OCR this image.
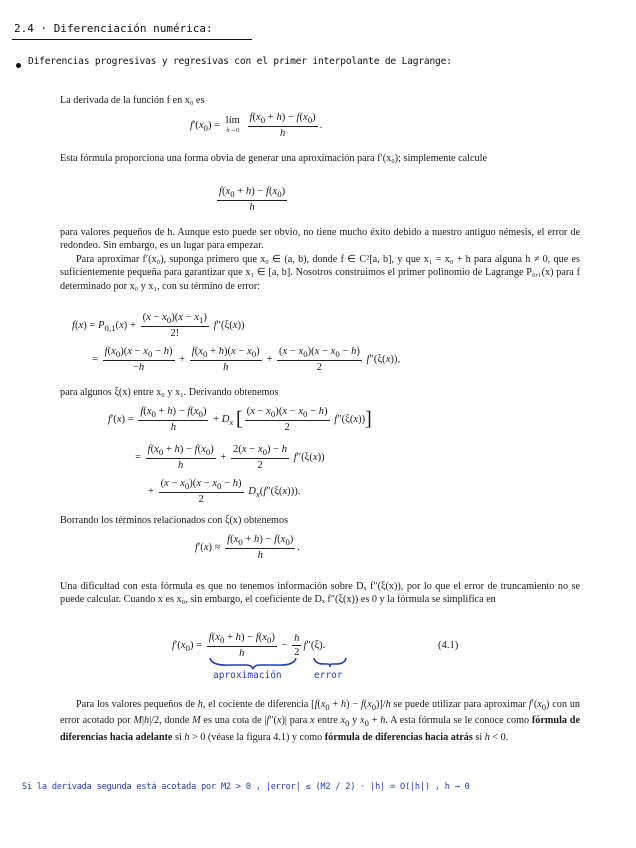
2.4 · Diferenciación numérica:
Diferencias progresivas y regresivas con el primer interpolante de Lagrange:
La derivada de la función f en x₀ es
$f'(x_0)$ = lím
h→0
$\frac{f(x_0 + h) - f(x_0)}{h}$ .
Esta fórmula proporciona una forma obvia de generar una aproximación para f′(x₀); simplemente calcule
$\frac{f(x_0 + h) - f(x_0)}{h}$
para valores pequeños de h. Aunque esto puede ser obvio, no tiene mucho éxito debido a nuestro antiguo némesis, el error de redondeo. Sin embargo, es un lugar para empezar.
Para aproximar f′(x₀), suponga primero que x₀ ∈ (a, b), donde f ∈ C²[a, b], y que x₁ = x₀ + h para alguna h ≠ 0, que es suficientemente pequeña para garantizar que x₁ ∈ [a, b]. Nosotros construimos el primer polinomio de Lagrange P₀,₁(x) para f determinado por x₀ y x₁, con su término de error:
$f(x) = P_{0,1}(x) + \frac{(x - x_0)(x - x_1)}{2!} f''(\xi(x))$
= $\frac{f(x_0)(x - x_0 - h)}{-h} + \frac{f(x_0 + h)(x - x_0)}{h} + \frac{(x - x_0)(x - x_0 - h)}{2} f''(\xi(x))$,
para algunos ξ(x) entre x₀ y x₁. Derivando obtenemos
$f'(x) = \frac{f(x_0 + h) - f(x_0)}{h} + D_x$ [ $\frac{(x - x_0)(x - x_0 - h)}{2} f''(\xi(x))$]
= $\frac{f(x_0 + h) - f(x_0)}{h} + \frac{2(x - x_0) - h}{2} f''(\xi(x))$
+ $\frac{(x - x_0)(x - x_0 - h)}{2} D_x(f''(\xi(x)))$.
Borrando los términos relacionados con ξ(x) obtenemos
$f'(x) \approx \frac{f(x_0 + h) - f(x_0)}{h}$ .
Una dificultad con esta fórmula es que no tenemos información sobre Dₓ f″(ξ(x)), por lo que el error de truncamiento no se puede calcular. Cuando x es x₀, sin embargo, el coeficiente de Dₓ f″(ξ(x)) es 0 y la fórmula se simplifica en
$f'(x_0) = \frac{f(x_0 + h) - f(x_0)}{h} - \frac{h}{2} f''(\xi)$.	(4.1)
aproximación	error
Para los valores pequeños de h, el cociente de diferencia $[f(x_0 + h) - f(x_0)]/h$ se puede utilizar para aproximar $f'(x_0)$ con un error acotado por M|h|/2, donde M es una cota de |f″(x)| para x entre $x_0$ y $x_0 + h$. A esta fórmula se le conoce como fórmula de diferencias hacia adelante si h > 0 (véase la figura 4.1) y como fórmula de diferencias hacia atrás si h < 0.
Si la derivada segunda está acotada por M2 > 0 , |error| ≤ (M2 / 2) · |h| = O(|h|) , h → 0
